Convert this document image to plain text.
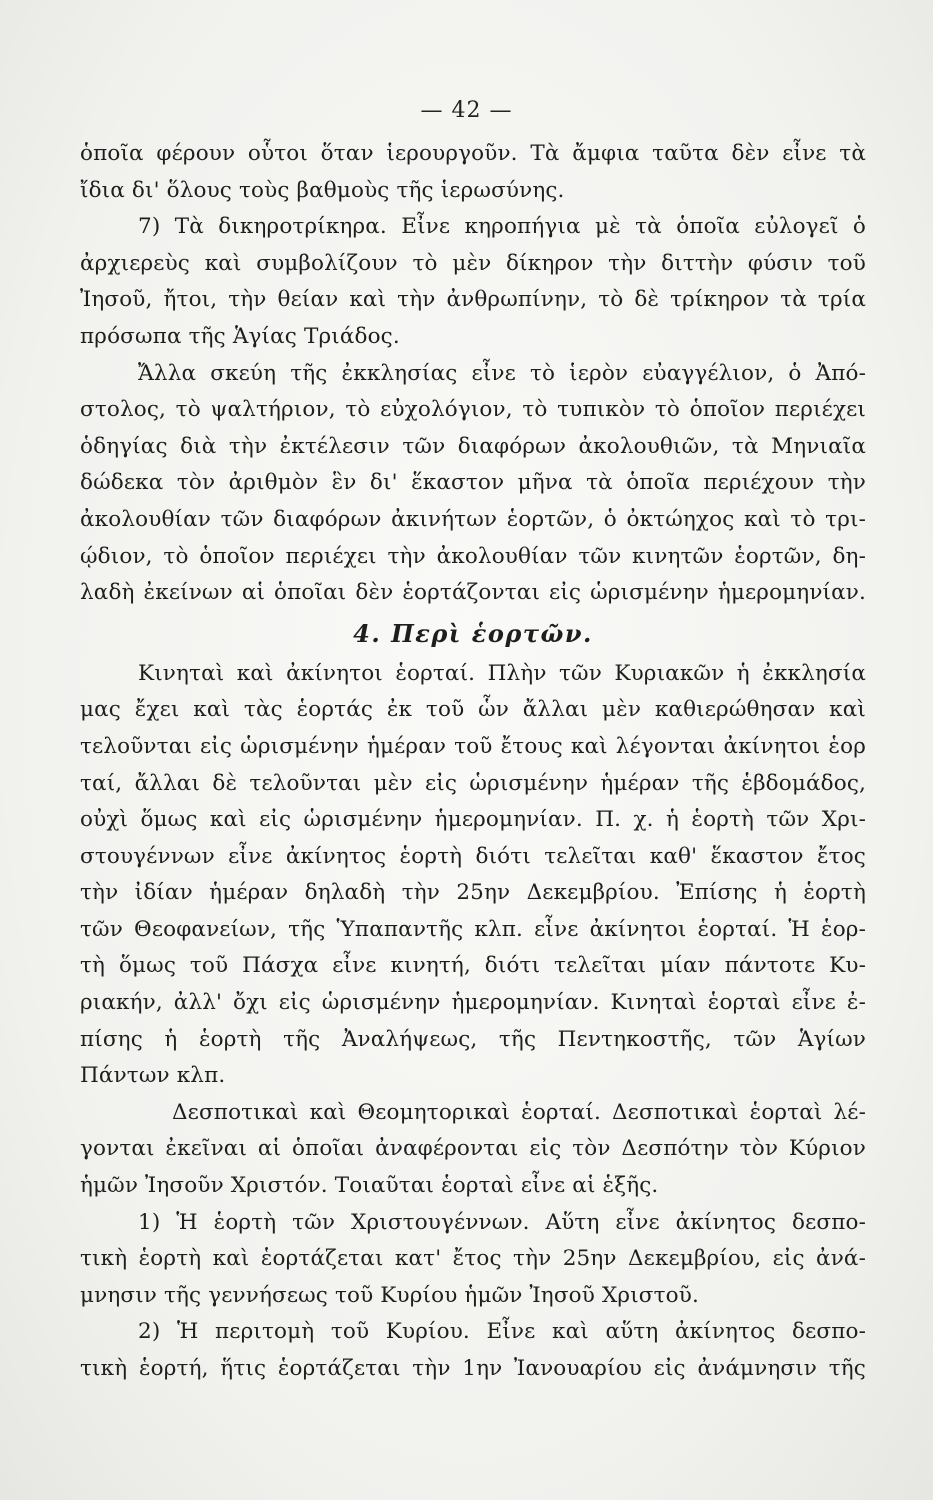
— 42 —
ὁποῖα φέρουν οὗτοι ὅταν ἱερουργοῦν. Τὰ ἄμφια ταῦτα δὲν εἶνε τὰ
ἴδια δι' ὅλους τοὺς βαθμοὺς τῆς ἱερωσύνης.
7) Τὰ δικηροτρίκηρα. Εἶνε κηροπήγια μὲ τὰ ὁποῖα εὐλογεῖ ὁ
ἀρχιερεὺς καὶ συμβολίζουν τὸ μὲν δίκηρον τὴν διττὴν φύσιν τοῦ
Ἰησοῦ, ἤτοι, τὴν θείαν καὶ τὴν ἀνθρωπίνην, τὸ δὲ τρίκηρον τὰ τρία
πρόσωπα τῆς Ἁγίας Τριάδος.
Ἄλλα σκεύη τῆς ἐκκλησίας εἶνε τὸ ἱερὸν εὐαγγέλιον, ὁ Ἀπό-
στολος, τὸ ψαλτήριον, τὸ εὐχολόγιον, τὸ τυπικὸν τὸ ὁποῖον περιέχει
ὁδηγίας διὰ τὴν ἐκτέλεσιν τῶν διαφόρων ἀκολουθιῶν, τὰ Μηνιαῖα
δώδεκα τὸν ἀριθμὸν ἓν δι' ἕκαστον μῆνα τὰ ὁποῖα περιέχουν τὴν
ἀκολουθίαν τῶν διαφόρων ἀκινήτων ἑορτῶν, ὁ ὀκτώηχος καὶ τὸ τρι-
ῴδιον, τὸ ὁποῖον περιέχει τὴν ἀκολουθίαν τῶν κινητῶν ἑορτῶν, δη-
λαδὴ ἐκείνων αἱ ὁποῖαι δὲν ἑορτάζονται εἰς ὡρισμένην ἡμερομηνίαν.
4. Περὶ ἑορτῶν.
Κινηταὶ καὶ ἀκίνητοι ἑορταί. Πλὴν τῶν Κυριακῶν ἡ ἐκκλησία
μας ἔχει καὶ τὰς ἑορτάς ἐκ τοῦ ὧν ἄλλαι μὲν καθιερώθησαν καὶ
τελοῦνται εἰς ὡρισμένην ἡμέραν τοῦ ἔτους καὶ λέγονται ἀκίνητοι ἑορ
ταί, ἄλλαι δὲ τελοῦνται μὲν εἰς ὡρισμένην ἡμέραν τῆς ἑβδομάδος,
οὐχὶ ὅμως καὶ εἰς ὡρισμένην ἡμερομηνίαν. Π. χ. ἡ ἑορτὴ τῶν Χρι-
στουγέννων εἶνε ἀκίνητος ἑορτὴ διότι τελεῖται καθ' ἕκαστον ἔτος
τὴν ἰδίαν ἡμέραν δηλαδὴ τὴν 25ην Δεκεμβρίου. Ἐπίσης ἡ ἑορτὴ
τῶν Θεοφανείων, τῆς Ὑπαπαντῆς κλπ. εἶνε ἀκίνητοι ἑορταί. Ἡ ἑορ-
τὴ ὅμως τοῦ Πάσχα εἶνε κινητή, διότι τελεῖται μίαν πάντοτε Κυ-
ριακήν, ἀλλ' ὄχι εἰς ὡρισμένην ἡμερομηνίαν. Κινηταὶ ἑορταὶ εἶνε ἐ-
πίσης ἡ ἑορτὴ τῆς Ἀναλήψεως, τῆς Πεντηκοστῆς, τῶν Ἁγίων
Πάντων κλπ.
Δεσποτικαὶ καὶ Θεομητορικαὶ ἑορταί. Δεσποτικαὶ ἑορταὶ λέ-
γονται ἐκεῖναι αἱ ὁποῖαι ἀναφέρονται εἰς τὸν Δεσπότην τὸν Κύριον
ἡμῶν Ἰησοῦν Χριστόν. Τοιαῦται ἑορταὶ εἶνε αἱ ἑξῆς.
1) Ἡ ἑορτὴ τῶν Χριστουγέννων. Αὕτη εἶνε ἀκίνητος δεσπο-
τικὴ ἑορτὴ καὶ ἑορτάζεται κατ' ἔτος τὴν 25ην Δεκεμβρίου, εἰς ἀνά-
μνησιν τῆς γεννήσεως τοῦ Κυρίου ἡμῶν Ἰησοῦ Χριστοῦ.
2) Ἡ περιτομὴ τοῦ Κυρίου. Εἶνε καὶ αὕτη ἀκίνητος δεσπο-
τικὴ ἑορτή, ἥτις ἑορτάζεται τὴν 1ην Ἰανουαρίου εἰς ἀνάμνησιν τῆς
